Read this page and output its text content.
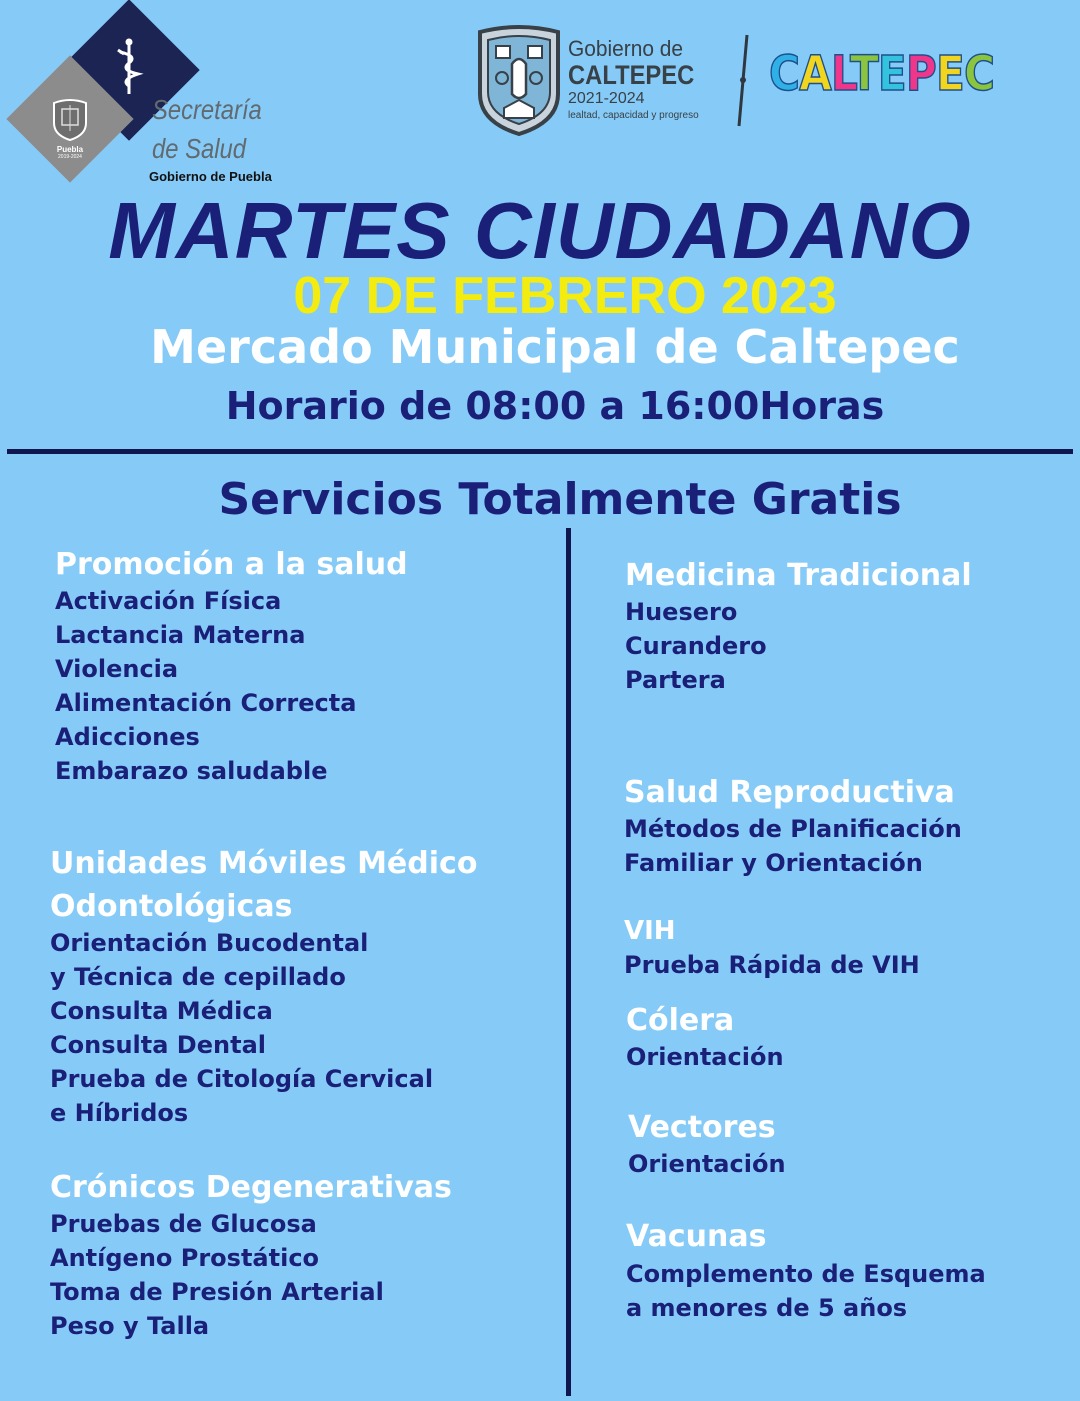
Puebla
2019-2024
Secretaría
de Salud
Gobierno de Puebla
Gobierno de
CALTEPEC
2021-2024
lealtad, capacidad y progreso
CALTEPEC
MARTES CIUDADANO
07 DE FEBRERO 2023
Mercado Municipal de Caltepec
Horario de 08:00 a 16:00Horas
Servicios Totalmente Gratis
Promoción a la salud
Activación Física
Lactancia Materna
Violencia
Alimentación Correcta
Adicciones
Embarazo saludable
Unidades Móviles Médico
Odontológicas
Orientación Bucodental
y Técnica de cepillado
Consulta Médica
Consulta Dental
Prueba de Citología Cervical
e Híbridos
Crónicos Degenerativas
Pruebas de Glucosa
Antígeno Prostático
Toma de Presión Arterial
Peso y Talla
Medicina Tradicional
Huesero
Curandero
Partera
Salud Reproductiva
Métodos de Planificación
Familiar y Orientación
VIH
Prueba Rápida de VIH
Cólera
Orientación
Vectores
Orientación
Vacunas
Complemento de Esquema
a menores de 5 años
